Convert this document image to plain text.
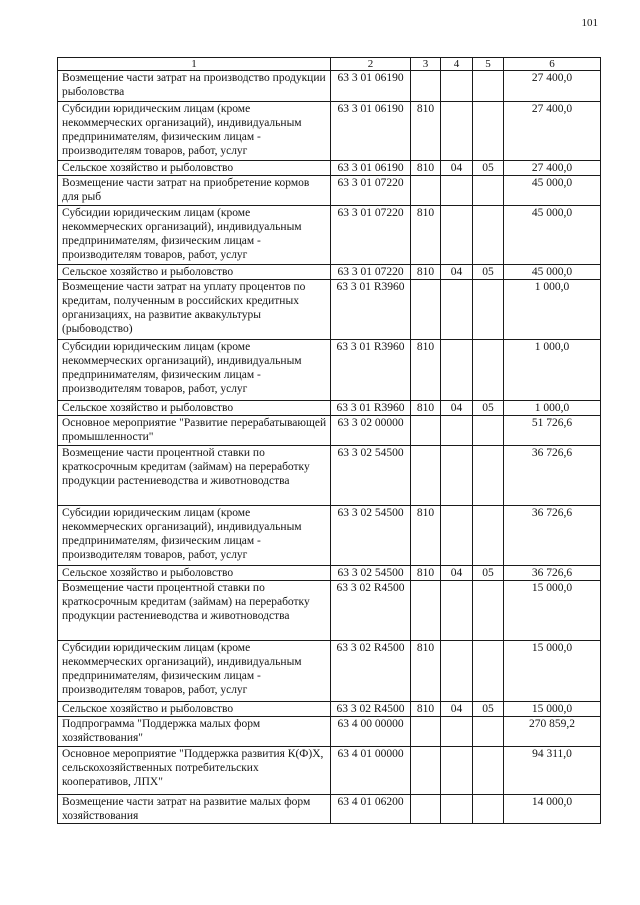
101
1	2	3	4	5	6
Возмещение части затрат на производство продукции рыболовства	63 3 01 06190				27 400,0
Субсидии юридическим лицам (кроме некоммерческих организаций), индивидуальным предпринимателям, физическим лицам - производителям товаров, работ, услуг	63 3 01 06190	810			27 400,0
Сельское хозяйство и рыболовство	63 3 01 06190	810	04	05	27 400,0
Возмещение части затрат на приобретение кормов для рыб	63 3 01 07220				45 000,0
Субсидии юридическим лицам (кроме некоммерческих организаций), индивидуальным предпринимателям, физическим лицам - производителям товаров, работ, услуг	63 3 01 07220	810			45 000,0
Сельское хозяйство и рыболовство	63 3 01 07220	810	04	05	45 000,0
Возмещение части затрат на уплату процентов по кредитам, полученным в российских кредитных организациях, на развитие аквакультуры (рыбоводство)	63 3 01 R3960				1 000,0
Субсидии юридическим лицам (кроме некоммерческих организаций), индивидуальным предпринимателям, физическим лицам - производителям товаров, работ, услуг	63 3 01 R3960	810			1 000,0
Сельское хозяйство и рыболовство	63 3 01 R3960	810	04	05	1 000,0
Основное мероприятие "Развитие перерабатывающей промышленности"	63 3 02 00000				51 726,6
Возмещение части процентной ставки по краткосрочным кредитам (займам) на переработку продукции растениеводства и животноводства	63 3 02 54500				36 726,6
Субсидии юридическим лицам (кроме некоммерческих организаций), индивидуальным предпринимателям, физическим лицам - производителям товаров, работ, услуг	63 3 02 54500	810			36 726,6
Сельское хозяйство и рыболовство	63 3 02 54500	810	04	05	36 726,6
Возмещение части процентной ставки по краткосрочным кредитам (займам) на переработку продукции растениеводства и животноводства	63 3 02 R4500				15 000,0
Субсидии юридическим лицам (кроме некоммерческих организаций), индивидуальным предпринимателям, физическим лицам - производителям товаров, работ, услуг	63 3 02 R4500	810			15 000,0
Сельское хозяйство и рыболовство	63 3 02 R4500	810	04	05	15 000,0
Подпрограмма "Поддержка малых форм хозяйствования"	63 4 00 00000				270 859,2
Основное мероприятие "Поддержка развития К(Ф)Х, сельскохозяйственных потребительских кооперативов, ЛПХ"	63 4 01 00000				94 311,0
Возмещение части затрат на развитие малых форм хозяйствования	63 4 01 06200				14 000,0
